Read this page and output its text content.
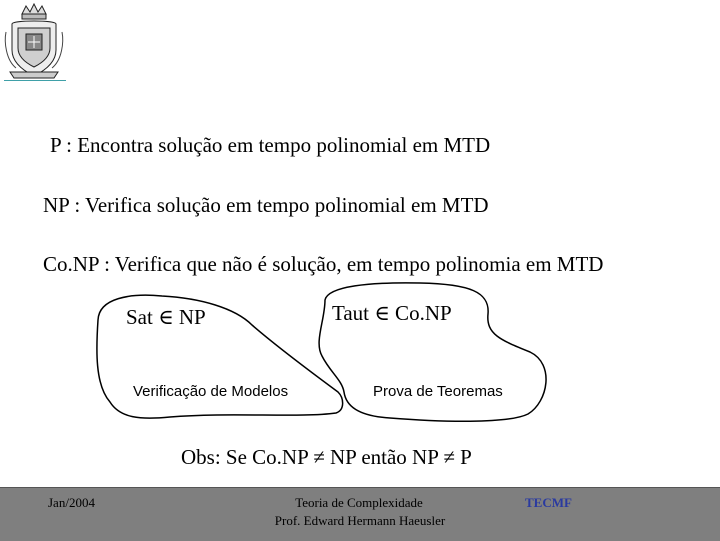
P : Encontra solução em tempo polinomial em MTD
NP : Verifica solução em tempo polinomial em MTD
Co.NP : Verifica que não é solução, em tempo polinomia em MTD
Sat ∈ NP	Taut ∈ Co.NP
Verificação de Modelos	Prova de Teoremas
Obs: Se Co.NP ≠ NP então NP ≠ P
Jan/2004	Teoria de Complexidade
Prof. Edward Hermann Haeusler
TECMF
